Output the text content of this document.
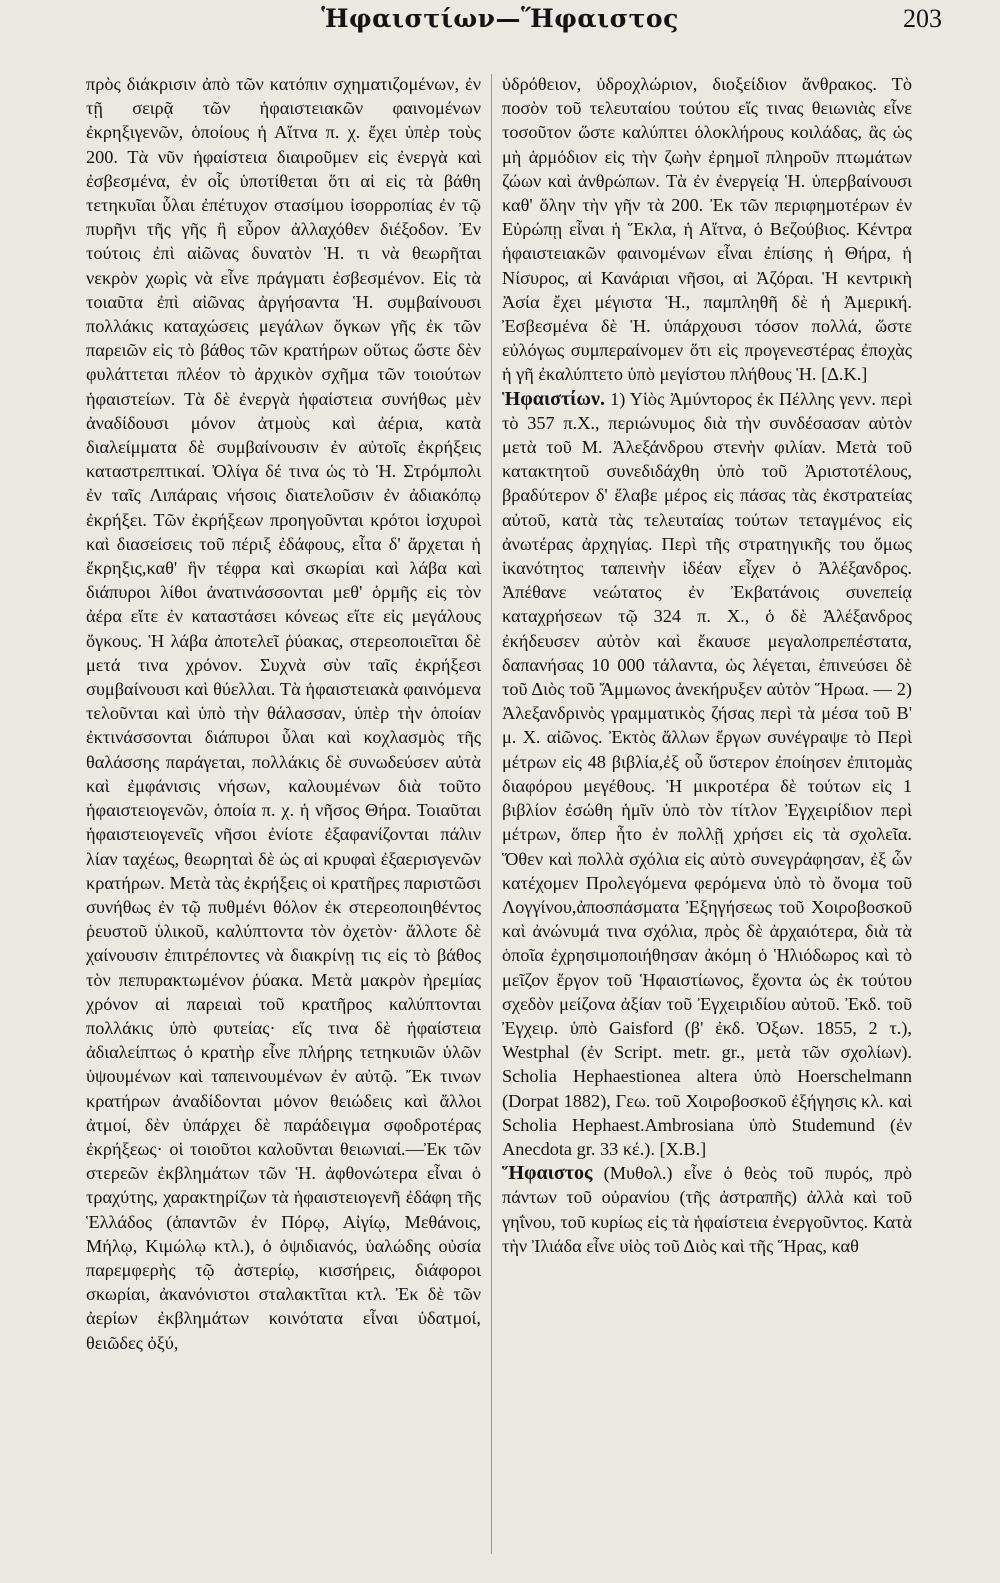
Ἡφαιστίων—Ἥφαιστος	203

πρὸς διάκρισιν ἀπὸ τῶν κατόπιν σχηματιζομένων, ἐν τῇ σειρᾷ τῶν ἡφαιστειακῶν φαινομένων ἐκρηξιγενῶν, ὁποίους ἡ Αἴτνα π. χ. ἔχει ὑπὲρ τοὺς 200. Τὰ νῦν ἡφαίστεια διαιροῦμεν εἰς ἐνεργὰ καὶ ἐσβεσμένα, ἐν οἷς ὑποτίθεται ὅτι αἱ εἰς τὰ βάθη τετηκυῖαι ὗλαι ἐπέτυχον στασίμου ἰσορροπίας ἐν τῷ πυρῆνι τῆς γῆς ἢ εὗρον ἀλλαχόθεν διέξοδον. Ἐν τούτοις ἐπὶ αἰῶνας δυνατὸν Ἡ. τι νὰ θεωρῆται νεκρὸν χωρὶς νὰ εἶνε πράγματι ἐσβεσμένον. Εἰς τὰ τοιαῦτα ἐπὶ αἰῶνας ἀργήσαντα Ἡ. συμβαίνουσι πολλάκις καταχώσεις μεγάλων ὄγκων γῆς ἐκ τῶν παρειῶν εἰς τὸ βάθος τῶν κρατήρων οὕτως ὥστε δὲν φυλάττεται πλέον τὸ ἀρχικὸν σχῆμα τῶν τοιούτων ἡφαιστείων. Τὰ δὲ ἐνεργὰ ἡφαίστεια συνήθως μὲν ἀναδίδουσι μόνον ἀτμοὺς καὶ ἀέρια, κατὰ διαλείμματα δὲ συμβαίνουσιν ἐν αὐτοῖς ἐκρήξεις καταστρεπτικαί. Ὀλίγα δέ τινα ὡς τὸ Ἡ. Στρόμπολι ἐν ταῖς Λιπάραις νήσοις διατελοῦσιν ἐν ἀδιακόπῳ ἐκρήξει. Τῶν ἐκρήξεων προηγοῦνται κρότοι ἰσχυροὶ καὶ διασείσεις τοῦ πέριξ ἐδάφους, εἶτα δ' ἄρχεται ἡ ἔκρηξις,καθ' ἣν τέφρα καὶ σκωρίαι καὶ λάβα καὶ διάπυροι λίθοι ἀνατινάσσονται μεθ' ὁρμῆς εἰς τὸν ἀέρα εἴτε ἐν καταστάσει κόνεως εἴτε εἰς μεγάλους ὄγκους. Ἡ λάβα ἀποτελεῖ ῥύακας, στερεοποιεῖται δὲ μετά τινα χρόνον. Συχνὰ σὺν ταῖς ἐκρήξεσι συμβαίνουσι καὶ θύελλαι. Τὰ ἡφαιστειακὰ φαινόμενα τελοῦνται καὶ ὑπὸ τὴν θάλασσαν, ὑπὲρ τὴν ὁποίαν ἐκτινάσσονται διάπυροι ὗλαι καὶ κοχλασμὸς τῆς θαλάσσης παράγεται, πολλάκις δὲ συνωδεύσεν αὐτὰ καὶ ἐμφάνισις νήσων, καλουμένων διὰ τοῦτο ἡφαιστειογενῶν, ὁποία π. χ. ἡ νῆσος Θήρα. Τοιαῦται ἡφαιστειογενεῖς νῆσοι ἐνίοτε ἐξαφανίζονται πάλιν λίαν ταχέως, θεωρηταὶ δὲ ὡς αἱ κρυφαὶ ἐξαερισγενῶν κρατήρων. Μετὰ τὰς ἐκρήξεις οἱ κρατῆρες παριστῶσι συνήθως ἐν τῷ πυθμένι θόλον ἐκ στερεοποιηθέντος ῥευστοῦ ὑλικοῦ, καλύπτοντα τὸν ὀχετὸν· ἄλλοτε δὲ χαίνουσιν ἐπιτρέποντες νὰ διακρίνῃ τις εἰς τὸ βάθος τὸν πεπυρακτωμένον ῥύακα. Μετὰ μακρὸν ἠρεμίας χρόνον αἱ παρειαὶ τοῦ κρατῆρος καλύπτονται πολλάκις ὑπὸ φυτείας· εἴς τινα δὲ ἡφαίστεια ἀδιαλείπτως ὁ κρατὴρ εἶνε πλήρης τετηκυιῶν ὑλῶν ὑψουμένων καὶ ταπεινουμένων ἐν αὐτῷ. Ἔκ τινων κρατήρων ἀναδίδονται μόνον θειώδεις καὶ ἄλλοι ἀτμοί, δὲν ὑπάρχει δὲ παράδειγμα σφοδροτέρας ἐκρήξεως· οἱ τοιοῦτοι καλοῦνται θειωνιαί.—Ἐκ τῶν στερεῶν ἐκβλημάτων τῶν Ἡ. ἀφθονώτερα εἶναι ὁ τραχύτης, χαρακτηρίζων τὰ ἡφαιστειογενῆ ἐδάφη τῆς Ἑλλάδος (ἁπαντῶν ἐν Πόρῳ, Αἰγίῳ, Μεθάνοις, Μήλῳ, Κιμώλῳ κτλ.), ὁ ὀψιδιανός, ὑαλώδης οὐσία παρεμφερὴς τῷ ἀστερίῳ, κισσήρεις, διάφοροι σκωρίαι, ἀκανόνιστοι σταλακτῖται κτλ. Ἐκ δὲ τῶν ἀερίων ἐκβλημάτων κοινότατα εἶναι ὑδατμοί, θειῶδες ὀξύ,

ὑδρόθειον, ὑδροχλώριον, διοξείδιον ἄνθρακος. Τὸ ποσὸν τοῦ τελευταίου τούτου εἴς τινας θειωνιὰς εἶνε τοσοῦτον ὥστε καλύπτει ὁλοκλήρους κοιλάδας, ἃς ὡς μὴ ἁρμόδιον εἰς τὴν ζωὴν ἐρημοῖ πληροῦν πτωμάτων ζώων καὶ ἀνθρώπων. Τὰ ἐν ἐνεργείᾳ Ἡ. ὑπερβαίνουσι καθ' ὅλην τὴν γῆν τὰ 200. Ἐκ τῶν περιφημοτέρων ἐν Εὐρώπῃ εἶναι ἡ Ἕκλα, ἡ Αἴτνα, ὁ Βεζούβιος. Κέντρα ἡφαιστειακῶν φαινομένων εἶναι ἐπίσης ἡ Θήρα, ἡ Νίσυρος, αἱ Κανάριαι νῆσοι, αἱ Ἀζόραι. Ἡ κεντρικὴ Ἀσία ἔχει μέγιστα Ἡ., παμπληθῆ δὲ ἡ Ἀμερική. Ἐσβεσμένα δὲ Ἡ. ὑπάρχουσι τόσον πολλά, ὥστε εὐλόγως συμπεραίνομεν ὅτι εἰς προγενεστέρας ἐποχὰς ἡ γῆ ἐκαλύπτετο ὑπὸ μεγίστου πλήθους Ἡ. [Δ.Κ.]

Ἡφαιστίων. 1) Υἱὸς Ἀμύντορος ἐκ Πέλλης γενν. περὶ τὸ 357 π.Χ., περιώνυμος διὰ τὴν συνδέσασαν αὐτὸν μετὰ τοῦ Μ. Ἀλεξάνδρου στενὴν φιλίαν. Μετὰ τοῦ κατακτητοῦ συνεδιδάχθη ὑπὸ τοῦ Ἀριστοτέλους, βραδύτερον δ' ἔλαβε μέρος εἰς πάσας τὰς ἐκστρατείας αὐτοῦ, κατὰ τὰς τελευταίας τούτων τεταγμένος εἰς ἀνωτέρας ἀρχηγίας. Περὶ τῆς στρατηγικῆς του ὅμως ἱκανότητος ταπεινὴν ἰδέαν εἶχεν ὁ Ἀλέξανδρος. Ἀπέθανε νεώτατος ἐν Ἐκβατάνοις συνεπείᾳ καταχρήσεων τῷ 324 π. Χ., ὁ δὲ Ἀλέξανδρος ἐκήδευσεν αὐτὸν καὶ ἔκαυσε μεγαλοπρεπέστατα, δαπανήσας 10 000 τάλαντα, ὡς λέγεται, ἐπινεύσει δὲ τοῦ Διὸς τοῦ Ἄμμωνος ἀνεκήρυξεν αὐτὸν Ἥρωα. — 2) Ἀλεξανδρινὸς γραμματικὸς ζήσας περὶ τὰ μέσα τοῦ Β' μ. Χ. αἰῶνος. Ἐκτὸς ἄλλων ἔργων συνέγραψε τὸ Περὶ μέτρων εἰς 48 βιβλία,ἐξ οὗ ὕστερον ἐποίησεν ἐπιτομὰς διαφόρου μεγέθους. Ἡ μικροτέρα δὲ τούτων εἰς 1 βιβλίον ἐσώθη ἡμῖν ὑπὸ τὸν τίτλον Ἐγχειρίδιον περὶ μέτρων, ὅπερ ἦτο ἐν πολλῇ χρήσει εἰς τὰ σχολεῖα. Ὅθεν καὶ πολλὰ σχόλια εἰς αὐτὸ συνεγράφησαν, ἐξ ὧν κατέχομεν Προλεγόμενα φερόμενα ὑπὸ τὸ ὄνομα τοῦ Λογγίνου,ἀποσπάσματα Ἐξηγήσεως τοῦ Χοιροβοσκοῦ καὶ ἀνώνυμά τινα σχόλια, πρὸς δὲ ἀρχαιότερα, διὰ τὰ ὁποῖα ἐχρησιμοποιήθησαν ἀκόμη ὁ Ἡλιόδωρος καὶ τὸ μεῖζον ἔργον τοῦ Ἡφαιστίωνος, ἔχοντα ὡς ἐκ τούτου σχεδὸν μείζονα ἀξίαν τοῦ Ἐγχειριδίου αὐτοῦ. Ἐκδ. τοῦ Ἐγχειρ. ὑπὸ Gaisford (β' ἐκδ. Ὀξων. 1855, 2 τ.), Westphal (ἐν Script. metr. gr., μετὰ τῶν σχολίων). Scholia Hephaestionea altera ὑπὸ Hoerschelmann (Dorpat 1882), Γεω. τοῦ Χοιροβοσκοῦ ἐξήγησις κλ. καὶ Scholia Hephaest.Ambrosiana ὑπὸ Studemund (ἐν Anecdota gr. 33 κέ.). [Χ.Β.]

Ἥφαιστος (Μυθολ.) εἶνε ὁ θεὸς τοῦ πυρός, πρὸ πάντων τοῦ οὐρανίου (τῆς ἀστραπῆς) ἀλλὰ καὶ τοῦ γηΐνου, τοῦ κυρίως εἰς τὰ ἡφαίστεια ἐνεργοῦντος. Κατὰ τὴν Ἰλιάδα εἶνε υἱὸς τοῦ Διὸς καὶ τῆς Ἥρας, καθ
